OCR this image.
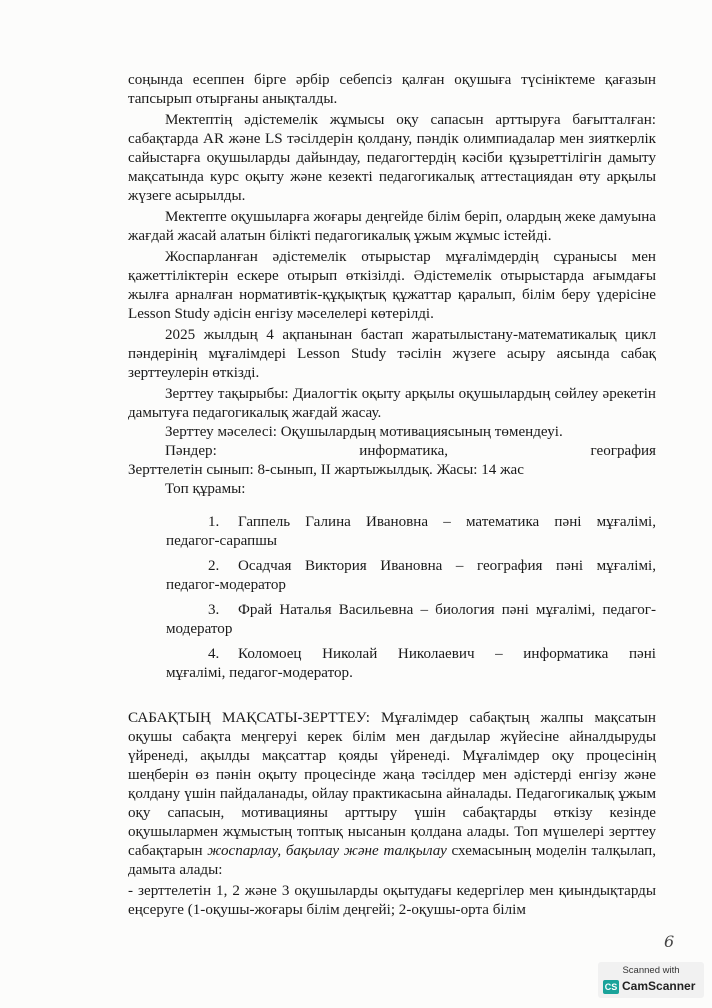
соңында есеппен бірге әрбір себепсіз қалған оқушыға түсініктеме қағазын тапсырып отырғаны анықталды.

Мектептің әдістемелік жұмысы оқу сапасын арттыруға бағытталған: сабақтарда AR және LS тәсілдерін қолдану, пәндік олимпиадалар мен зияткерлік сайыстарға оқушыларды дайындау, педагогтердің кәсіби құзыреттілігін дамыту мақсатында курс оқыту және кезекті педагогикалық аттестациядан өту арқылы жүзеге асырылды.

Мектепте оқушыларға жоғары деңгейде білім беріп, олардың жеке дамуына жағдай жасай алатын білікті педагогикалық ұжым жұмыс істейді.

Жоспарланған әдістемелік отырыстар мұғалімдердің сұранысы мен қажеттіліктерін ескере отырып өткізілді. Әдістемелік отырыстарда ағымдағы жылға арналған нормативтік-құқықтық құжаттар қаралып, білім беру үдерісіне Lesson Study әдісін енгізу мәселелері көтерілді.

2025 жылдың 4 ақпанынан бастап жаратылыстану-математикалық цикл пәндерінің мұғалімдері Lesson Study тәсілін жүзеге асыру аясында сабақ зерттеулерін өткізді.

Зерттеу тақырыбы: Диалогтік оқыту арқылы оқушылардың сөйлеу әрекетін дамытуға педагогикалық жағдай жасау.

Зерттеу мәселесі: Оқушылардың мотивациясының төмендеуі.

Пәндер:	информатика,	география

Зерттелетін сынып: 8-сынып, ІІ жартыжылдық. Жасы: 14 жас

Топ құрамы:

1.	Гаппель Галина Ивановна – математика пәні мұғалімі,
педагог-сарапшы
2.	Осадчая Виктория Ивановна – география пәні мұғалімі,
педагог-модератор
3.	Фрай Наталья Васильевна – биология пәні мұғалімі, педагог-
модератор
4.	Коломоец Николай Николаевич – информатика пәні
мұғалімі, педагог-модератор.

САБАҚТЫҢ МАҚСАТЫ-ЗЕРТТЕУ: Мұғалімдер сабақтың жалпы мақсатын оқушы сабақта меңгеруі керек білім мен дағдылар жүйесіне айналдыруды үйренеді, ақылды мақсаттар қояды үйренеді. Мұғалімдер оқу процесінің шеңберін өз пәнін оқыту процесінде жаңа тәсілдер мен әдістерді енгізу және қолдану үшін пайдаланады, ойлау практикасына айналады. Педагогикалық ұжым оқу сапасын, мотивацияны арттыру үшін сабақтарды өткізу кезінде оқушылармен жұмыстың топтық нысанын қолдана алады. Топ мүшелері зерттеу сабақтарын жоспарлау, бақылау және талқылау схемасының моделін талқылап, дамыта алады:

- зерттелетін 1, 2 және 3 оқушыларды оқытудағы кедергілер мен қиындықтарды еңсеруге (1-оқушы-жоғары білім деңгейі; 2-оқушы-орта білім

6
Scanned with
CS CamScanner
